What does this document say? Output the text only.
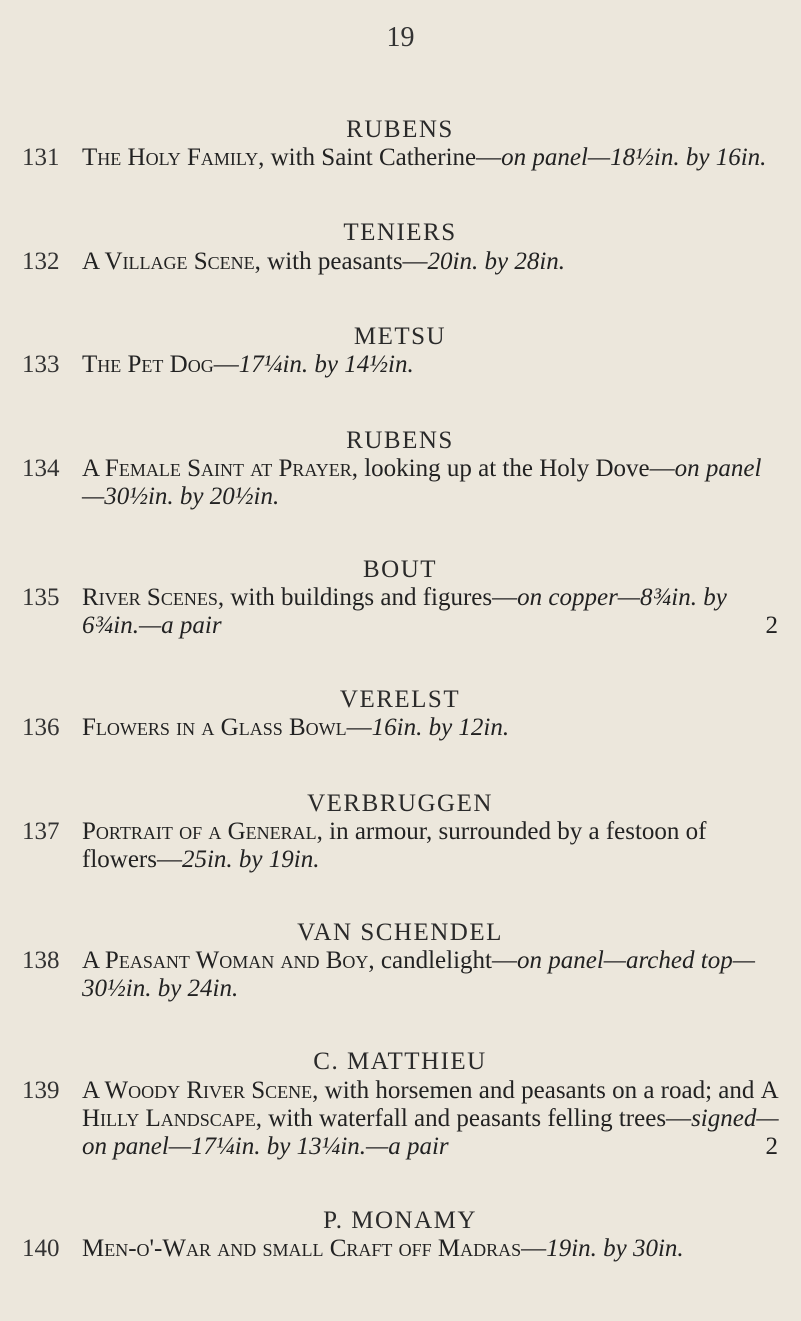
19
RUBENS
131 The Holy Family, with Saint Catherine—on panel—18½in. by 16in.
TENIERS
132 A Village Scene, with peasants—20in. by 28in.
METSU
133 The Pet Dog—17¼in. by 14½in.
RUBENS
134 A Female Saint at Prayer, looking up at the Holy Dove—on panel—30½in. by 20½in.
BOUT
135 River Scenes, with buildings and figures—on copper—8¾in. by 6¾in.—a pair	2
VERELST
136 Flowers in a Glass Bowl—16in. by 12in.
VERBRUGGEN
137 Portrait of a General, in armour, surrounded by a festoon of flowers—25in. by 19in.
VAN SCHENDEL
138 A Peasant Woman and Boy, candlelight—on panel—arched top—30½in. by 24in.
C. MATTHIEU
139 A Woody River Scene, with horsemen and peasants on a road; and A Hilly Landscape, with waterfall and peasants felling trees—signed—on panel—17¼in. by 13¼in.—a pair	2
P. MONAMY
140 Men-o'-War and small Craft off Madras—19in. by 30in.
